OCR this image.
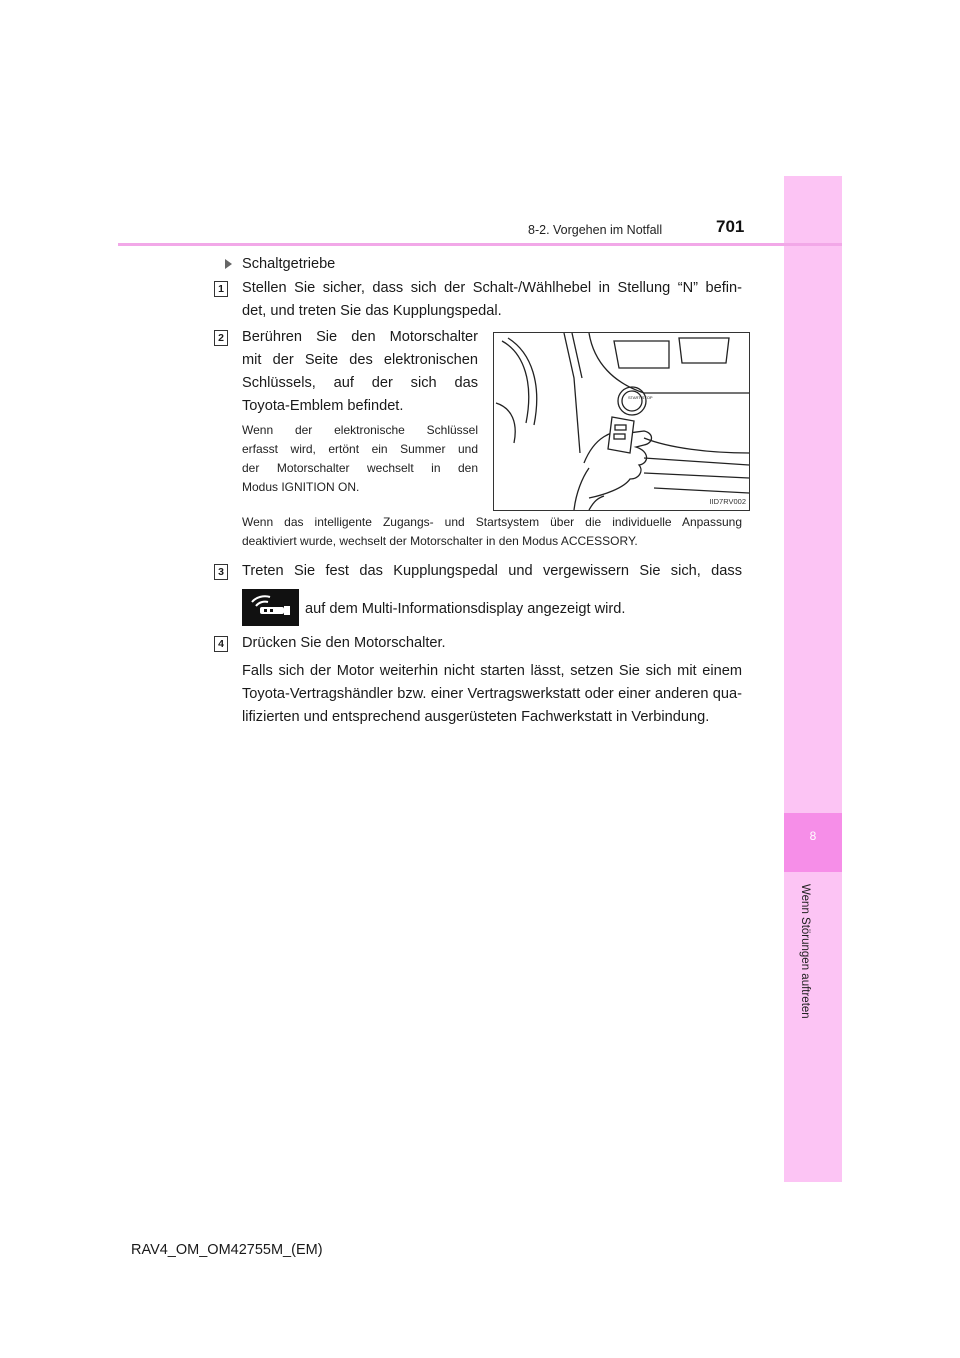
8
Wenn Störungen auftreten
8-2. Vorgehen im Notfall	701
Schaltgetriebe
1 Stellen Sie sicher, dass sich der Schalt-/Wählhebel in Stellung “N” befin-
det, und treten Sie das Kupplungspedal.
2 Berühren Sie den Motorschalter
mit der Seite des elektronischen
Schlüssels, auf der sich das
Toyota-Emblem befindet.
Wenn der elektronische Schlüssel
erfasst wird, ertönt ein Summer und
der Motorschalter wechselt in den
Modus IGNITION ON.
START STOP
IID7RV002
Wenn das intelligente Zugangs- und Startsystem über die individuelle Anpassung
deaktiviert wurde, wechselt der Motorschalter in den Modus ACCESSORY.
3 Treten Sie fest das Kupplungspedal und vergewissern Sie sich, dass
auf dem Multi-Informationsdisplay angezeigt wird.
4 Drücken Sie den Motorschalter.
Falls sich der Motor weiterhin nicht starten lässt, setzen Sie sich mit einem
Toyota-Vertragshändler bzw. einer Vertragswerkstatt oder einer anderen qua-
lifizierten und entsprechend ausgerüsteten Fachwerkstatt in Verbindung.
RAV4_OM_OM42755M_(EM)
